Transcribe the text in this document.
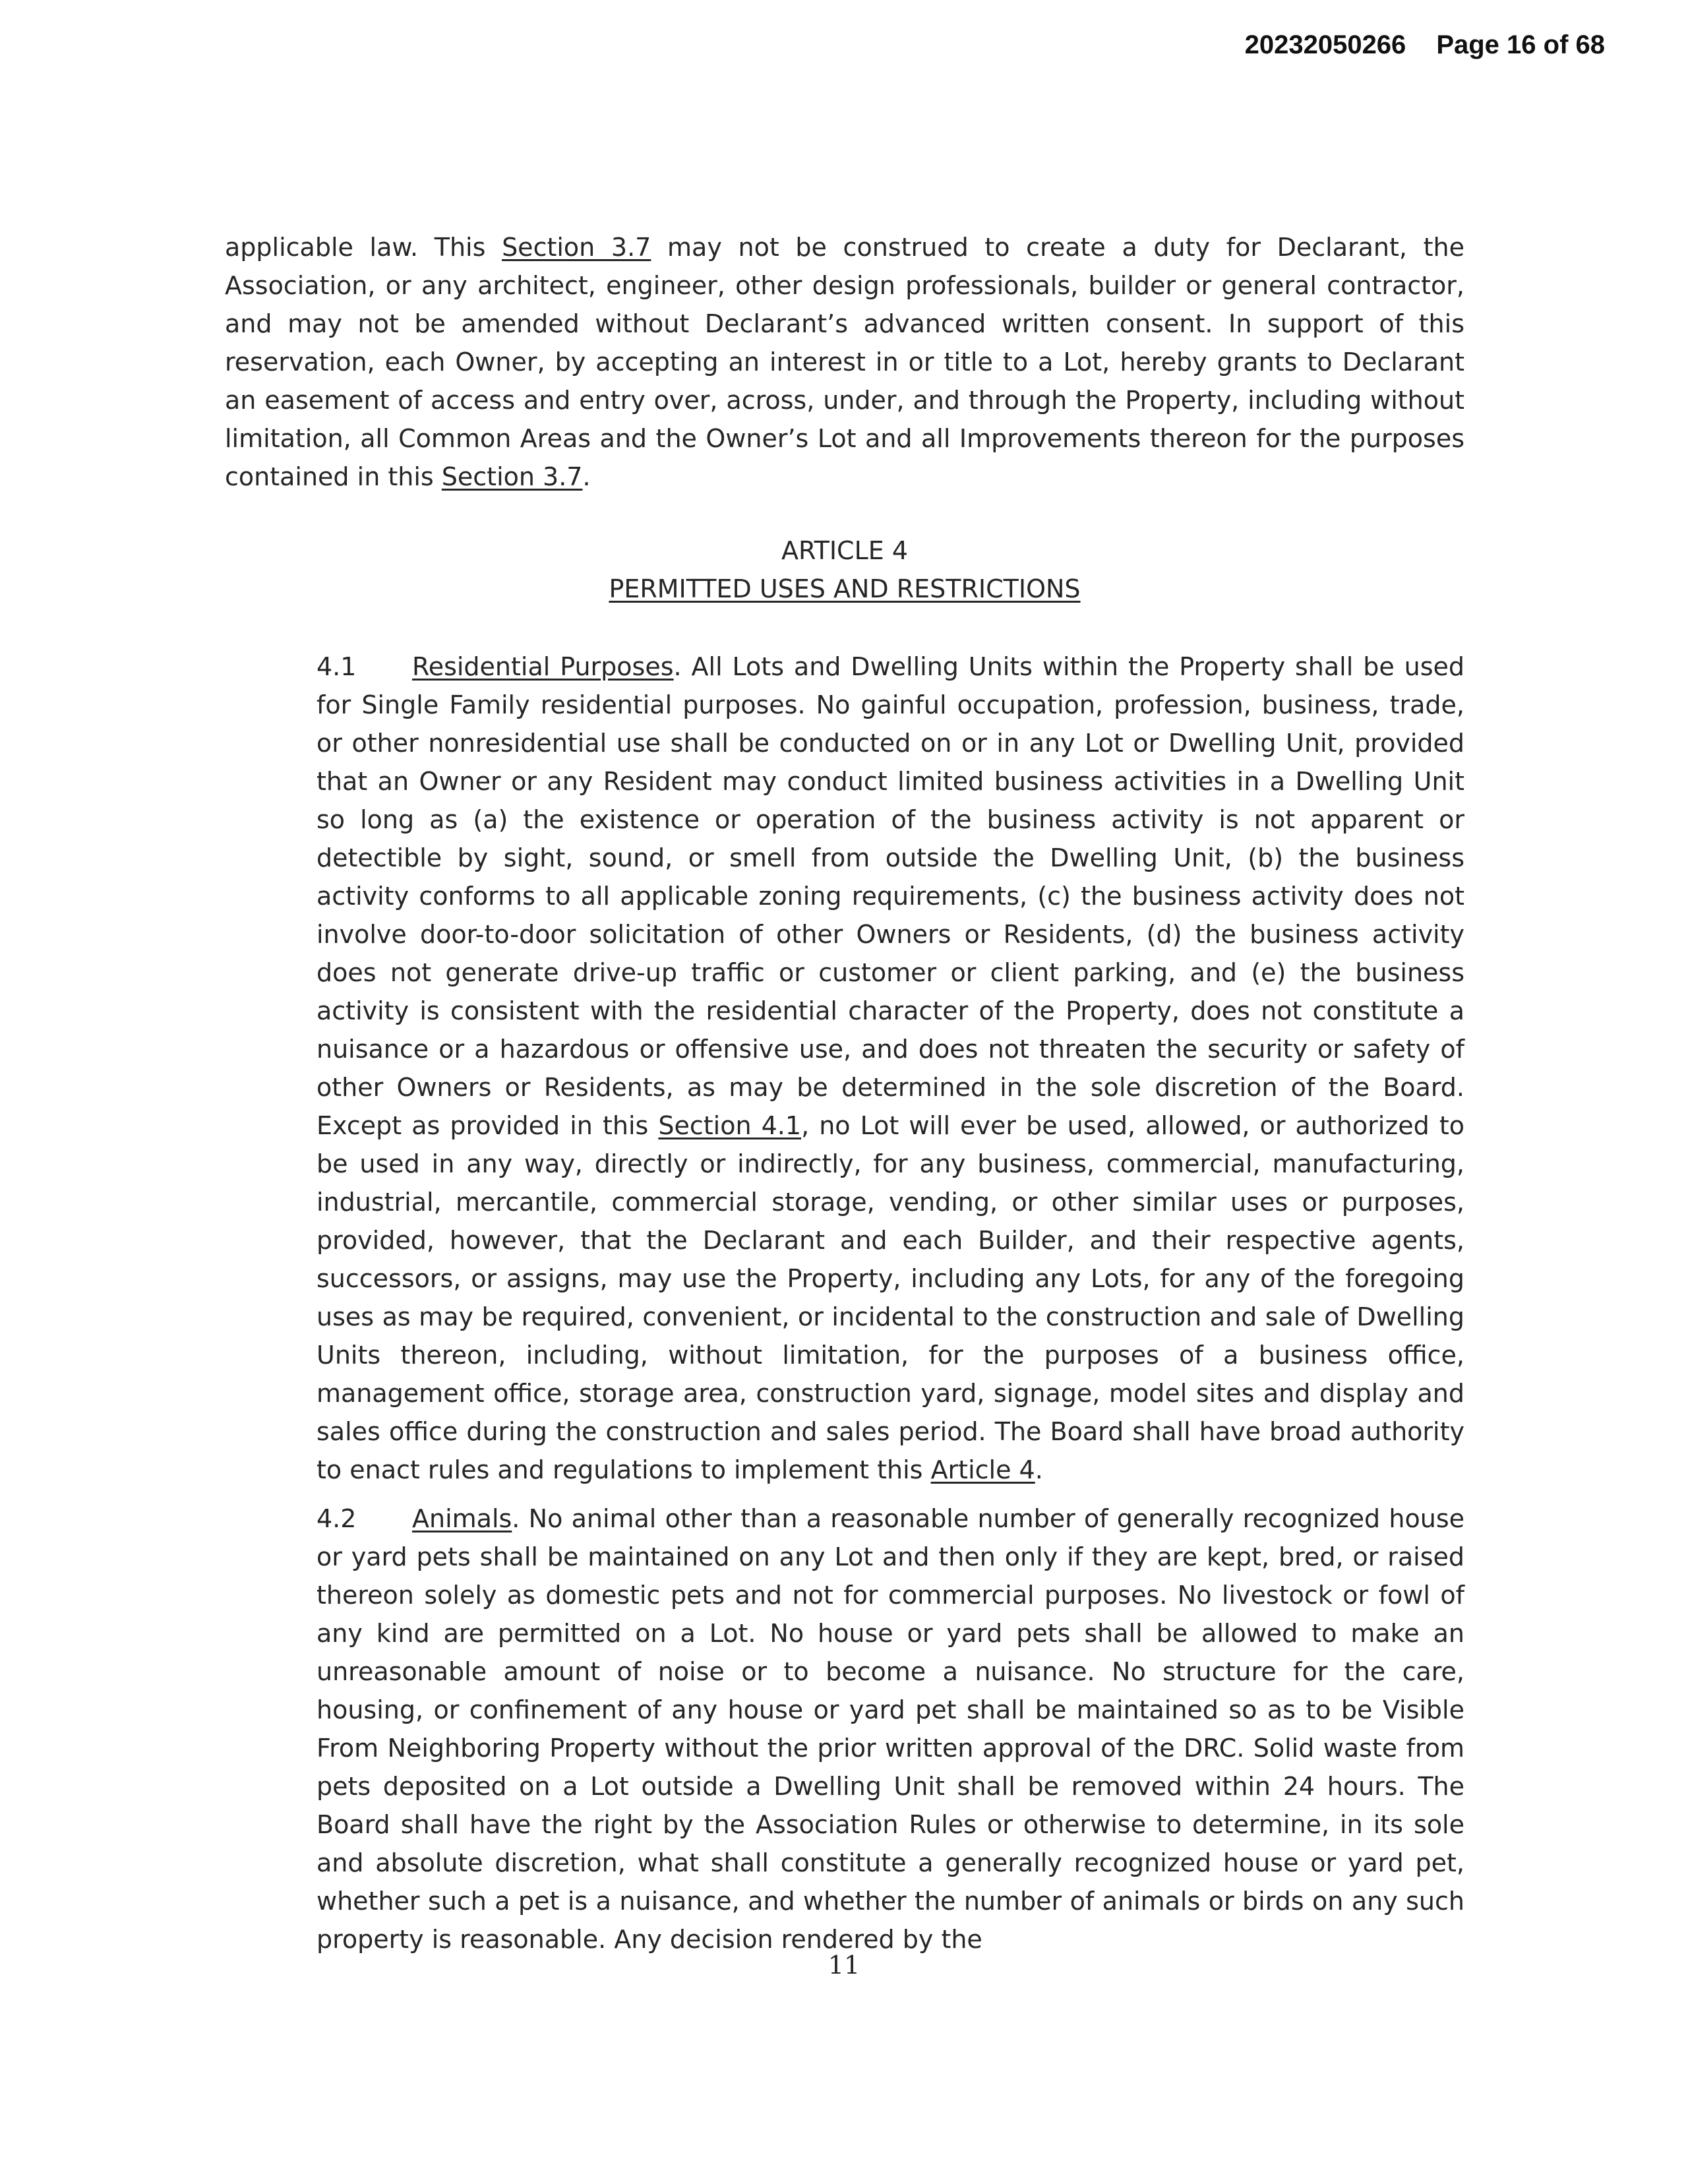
20232050266 Page 16 of 68

applicable law. This Section 3.7 may not be construed to create a duty for Declarant, the Association, or any architect, engineer, other design professionals, builder or general contractor, and may not be amended without Declarant’s advanced written consent. In support of this reservation, each Owner, by accepting an interest in or title to a Lot, hereby grants to Declarant an easement of access and entry over, across, under, and through the Property, including without limitation, all Common Areas and the Owner’s Lot and all Improvements thereon for the purposes contained in this Section 3.7.

ARTICLE 4
PERMITTED USES AND RESTRICTIONS

4.1 Residential Purposes. All Lots and Dwelling Units within the Property shall be used for Single Family residential purposes. No gainful occupation, profession, business, trade, or other nonresidential use shall be conducted on or in any Lot or Dwelling Unit, provided that an Owner or any Resident may conduct limited business activities in a Dwelling Unit so long as (a) the existence or operation of the business activity is not apparent or detectible by sight, sound, or smell from outside the Dwelling Unit, (b) the business activity conforms to all applicable zoning requirements, (c) the business activity does not involve door-to-door solicitation of other Owners or Residents, (d) the business activity does not generate drive-up traffic or customer or client parking, and (e) the business activity is consistent with the residential character of the Property, does not constitute a nuisance or a hazardous or offensive use, and does not threaten the security or safety of other Owners or Residents, as may be determined in the sole discretion of the Board. Except as provided in this Section 4.1, no Lot will ever be used, allowed, or authorized to be used in any way, directly or indirectly, for any business, commercial, manufacturing, industrial, mercantile, commercial storage, vending, or other similar uses or purposes, provided, however, that the Declarant and each Builder, and their respective agents, successors, or assigns, may use the Property, including any Lots, for any of the foregoing uses as may be required, convenient, or incidental to the construction and sale of Dwelling Units thereon, including, without limitation, for the purposes of a business office, management office, storage area, construction yard, signage, model sites and display and sales office during the construction and sales period. The Board shall have broad authority to enact rules and regulations to implement this Article 4.

4.2 Animals. No animal other than a reasonable number of generally recognized house or yard pets shall be maintained on any Lot and then only if they are kept, bred, or raised thereon solely as domestic pets and not for commercial purposes. No livestock or fowl of any kind are permitted on a Lot. No house or yard pets shall be allowed to make an unreasonable amount of noise or to become a nuisance. No structure for the care, housing, or confinement of any house or yard pet shall be maintained so as to be Visible From Neighboring Property without the prior written approval of the DRC. Solid waste from pets deposited on a Lot outside a Dwelling Unit shall be removed within 24 hours. The Board shall have the right by the Association Rules or otherwise to determine, in its sole and absolute discretion, what shall constitute a generally recognized house or yard pet, whether such a pet is a nuisance, and whether the number of animals or birds on any such property is reasonable. Any decision rendered by the

11
